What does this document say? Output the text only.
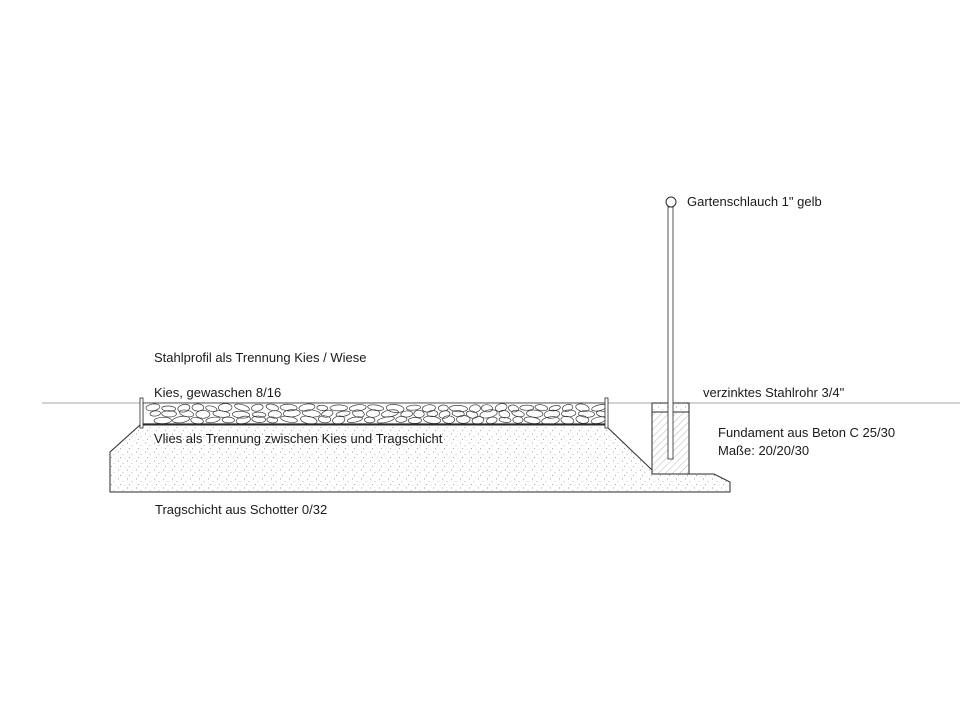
Gartenschlauch 1" gelb
Stahlprofil als Trennung Kies / Wiese
Kies, gewaschen 8/16	verzinktes Stahlrohr 3/4"
Vlies als Trennung zwischen Kies und Tragschicht	Fundament aus Beton C 25/30
Maße: 20/20/30
Tragschicht aus Schotter 0/32
